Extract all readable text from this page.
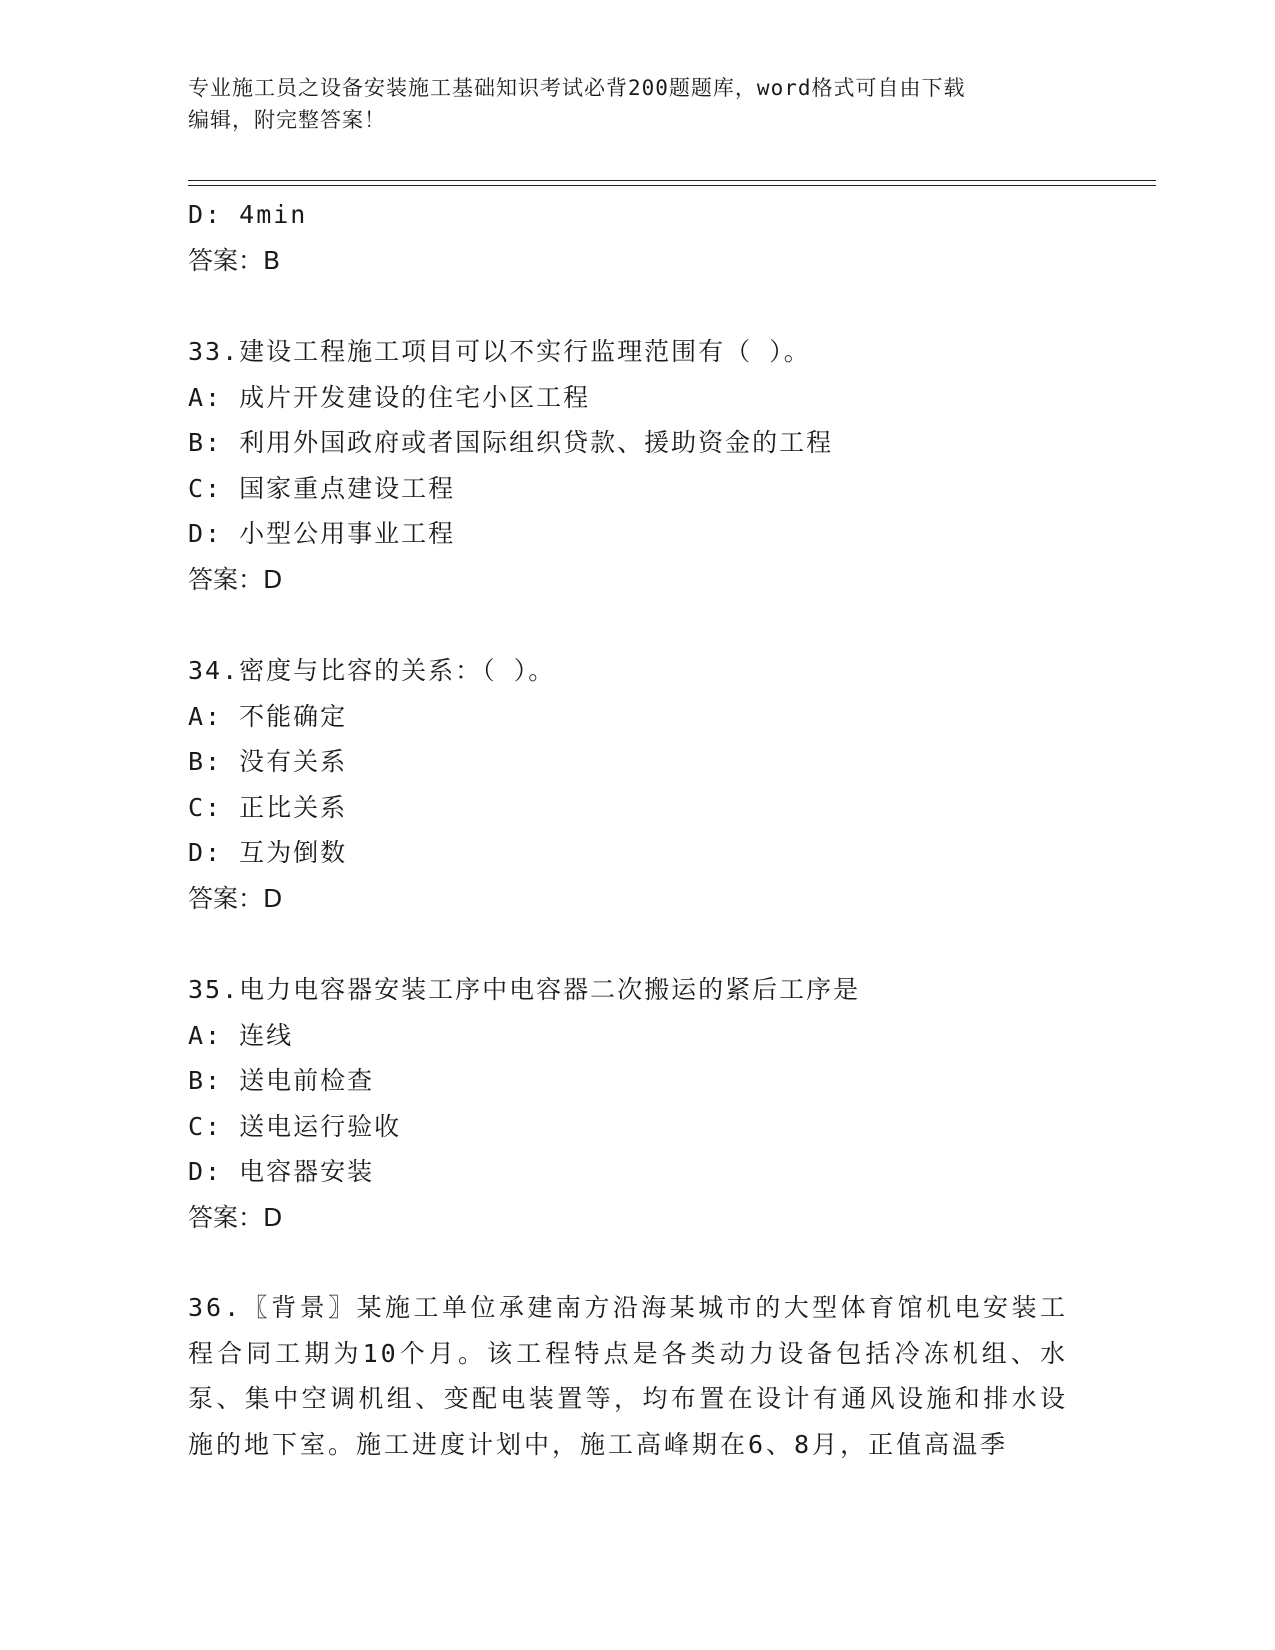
专业施工员之设备安装施工基础知识考试必背200题题库，word格式可自由下载
编辑，附完整答案！
D: 4min
答案：B
33.建设工程施工项目可以不实行监理范围有（ ）。
A: 成片开发建设的住宅小区工程
B: 利用外国政府或者国际组织贷款、援助资金的工程
C: 国家重点建设工程
D: 小型公用事业工程
答案：D
34.密度与比容的关系：（ ）。
A: 不能确定
B: 没有关系
C: 正比关系
D: 互为倒数
答案：D
35.电力电容器安装工序中电容器二次搬运的紧后工序是
A: 连线
B: 送电前检查
C: 送电运行验收
D: 电容器安装
答案：D
36.〖背景〗某施工单位承建南方沿海某城市的大型体育馆机电安装工程合同工期为10个月。该工程特点是各类动力设备包括冷冻机组、水泵、集中空调机组、变配电装置等，均布置在设计有通风设施和排水设施的地下室。施工进度计划中，施工高峰期在6、8月，正值高温季
